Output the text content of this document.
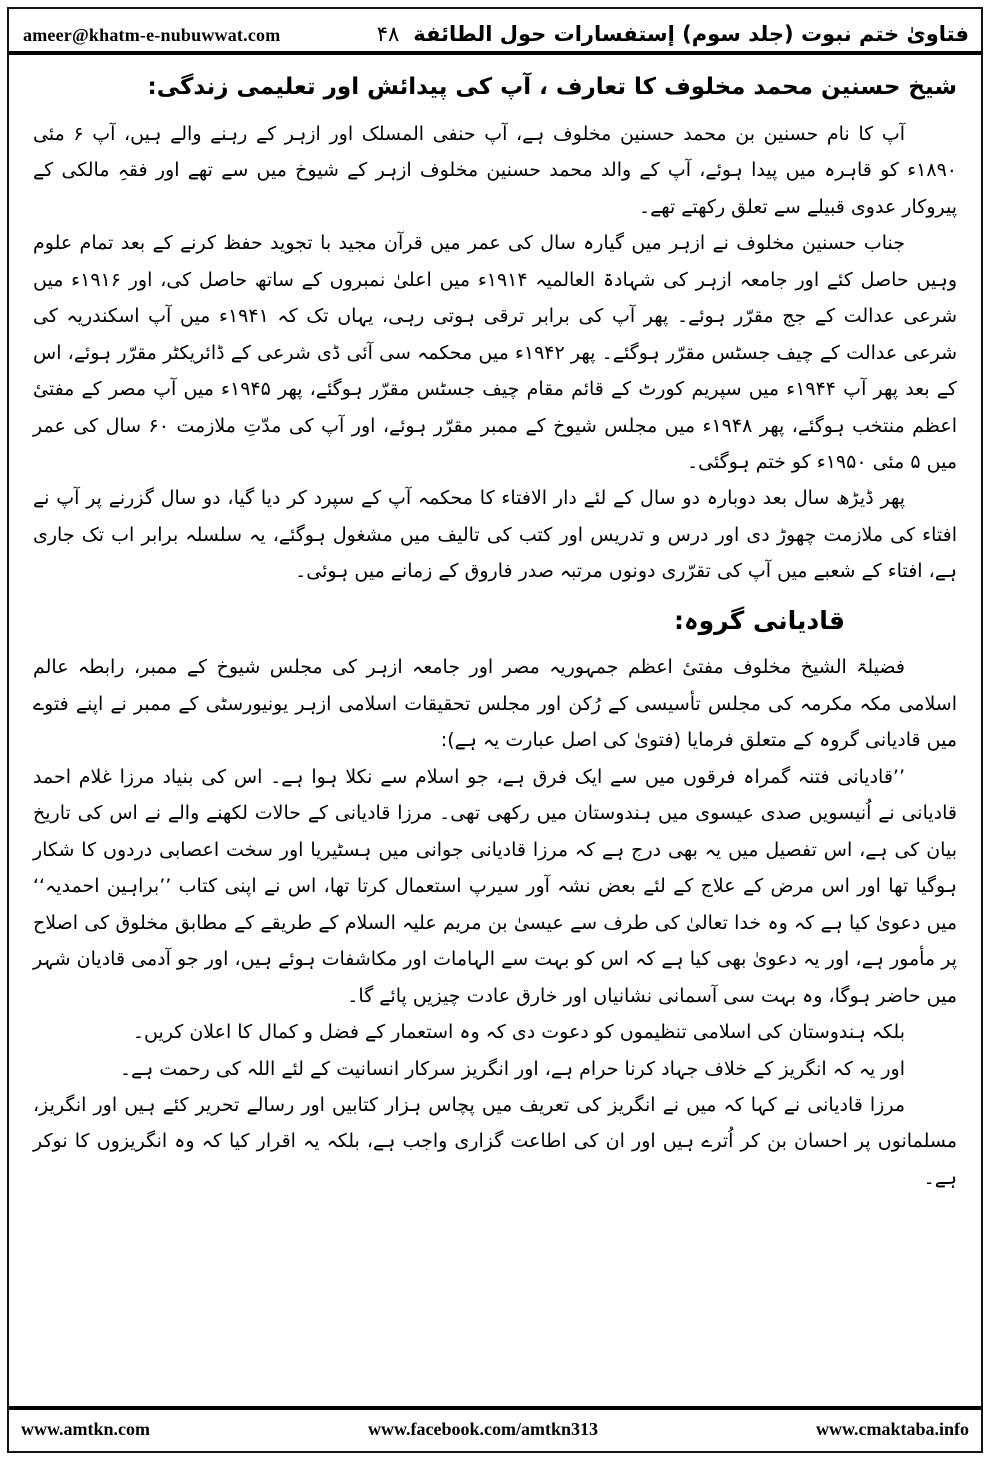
ameer@khatm-e-nubuwwat.com	۴۸ فتاویٰ ختم نبوت (جلد سوم) إستفسارات حول الطائفة
شیخ حسنین محمد مخلوف کا تعارف ، آپ کی پیدائش اور تعلیمی زندگی:

آپ کا نام حسنین بن محمد حسنین مخلوف ہے، آپ حنفی المسلک اور ازہر کے رہنے والے ہیں، آپ ۶ مئی ۱۸۹۰ء کو قاہرہ میں پیدا ہوئے، آپ کے والد محمد حسنین مخلوف ازہر کے شیوخ میں سے تھے اور فقہِ مالکی کے پیروکار عدوی قبیلے سے تعلق رکھتے تھے۔

جناب حسنین مخلوف نے ازہر میں گیارہ سال کی عمر میں قرآن مجید با تجوید حفظ کرنے کے بعد تمام علوم وہیں حاصل کئے اور جامعہ ازہر کی شہادۃ العالمیہ ۱۹۱۴ء میں اعلیٰ نمبروں کے ساتھ حاصل کی، اور ۱۹۱۶ء میں شرعی عدالت کے جج مقرّر ہوئے۔ پھر آپ کی برابر ترقی ہوتی رہی، یہاں تک کہ ۱۹۴۱ء میں آپ اسکندریہ کی شرعی عدالت کے چیف جسٹس مقرّر ہوگئے۔ پھر ۱۹۴۲ء میں محکمہ سی آئی ڈی شرعی کے ڈائریکٹر مقرّر ہوئے، اس کے بعد پھر آپ ۱۹۴۴ء میں سپریم کورٹ کے قائم مقام چیف جسٹس مقرّر ہوگئے، پھر ۱۹۴۵ء میں آپ مصر کے مفتیٔ اعظم منتخب ہوگئے، پھر ۱۹۴۸ء میں مجلس شیوخ کے ممبر مقرّر ہوئے، اور آپ کی مدّتِ ملازمت ۶۰ سال کی عمر میں ۵ مئی ۱۹۵۰ء کو ختم ہوگئی۔

پھر ڈیڑھ سال بعد دوبارہ دو سال کے لئے دار الافتاء کا محکمہ آپ کے سپرد کر دیا گیا، دو سال گزرنے پر آپ نے افتاء کی ملازمت چھوڑ دی اور درس و تدریس اور کتب کی تالیف میں مشغول ہوگئے، یہ سلسلہ برابر اب تک جاری ہے، افتاء کے شعبے میں آپ کی تقرّری دونوں مرتبہ صدر فاروق کے زمانے میں ہوئی۔

قادیانی گروہ:

فضیلۃ الشیخ مخلوف مفتیٔ اعظم جمہوریہ مصر اور جامعہ ازہر کی مجلس شیوخ کے ممبر، رابطہ عالم اسلامی مکہ مکرمہ کی مجلس تأسیسی کے رُکن اور مجلس تحقیقات اسلامی ازہر یونیورسٹی کے ممبر نے اپنے فتوے میں قادیانی گروہ کے متعلق فرمایا (فتویٰ کی اصل عبارت یہ ہے):

’’قادیانی فتنہ گمراہ فرقوں میں سے ایک فرق ہے، جو اسلام سے نکلا ہوا ہے۔ اس کی بنیاد مرزا غلام احمد قادیانی نے اُنیسویں صدی عیسوی میں ہندوستان میں رکھی تھی۔ مرزا قادیانی کے حالات لکھنے والے نے اس کی تاریخ بیان کی ہے، اس تفصیل میں یہ بھی درج ہے کہ مرزا قادیانی جوانی میں ہسٹیریا اور سخت اعصابی دردوں کا شکار ہوگیا تھا اور اس مرض کے علاج کے لئے بعض نشہ آور سیرپ استعمال کرتا تھا، اس نے اپنی کتاب ’’براہین احمدیہ‘‘ میں دعویٰ کیا ہے کہ وہ خدا تعالیٰ کی طرف سے عیسیٰ بن مریم علیہ السلام کے طریقے کے مطابق مخلوق کی اصلاح پر مأمور ہے، اور یہ دعویٰ بھی کیا ہے کہ اس کو بہت سے الہامات اور مکاشفات ہوئے ہیں، اور جو آدمی قادیان شہر میں حاضر ہوگا، وہ بہت سی آسمانی نشانیاں اور خارق عادت چیزیں پائے گا۔

بلکہ ہندوستان کی اسلامی تنظیموں کو دعوت دی کہ وہ استعمار کے فضل و کمال کا اعلان کریں۔

اور یہ کہ انگریز کے خلاف جہاد کرنا حرام ہے، اور انگریز سرکار انسانیت کے لئے اللہ کی رحمت ہے۔

مرزا قادیانی نے کہا کہ میں نے انگریز کی تعریف میں پچاس ہزار کتابیں اور رسالے تحریر کئے ہیں اور انگریز، مسلمانوں پر احسان بن کر اُترے ہیں اور ان کی اطاعت گزاری واجب ہے، بلکہ یہ اقرار کیا کہ وہ انگریزوں کا نوکر ہے۔

www.amtkn.com	www.facebook.com/amtkn313	www.cmaktaba.info
